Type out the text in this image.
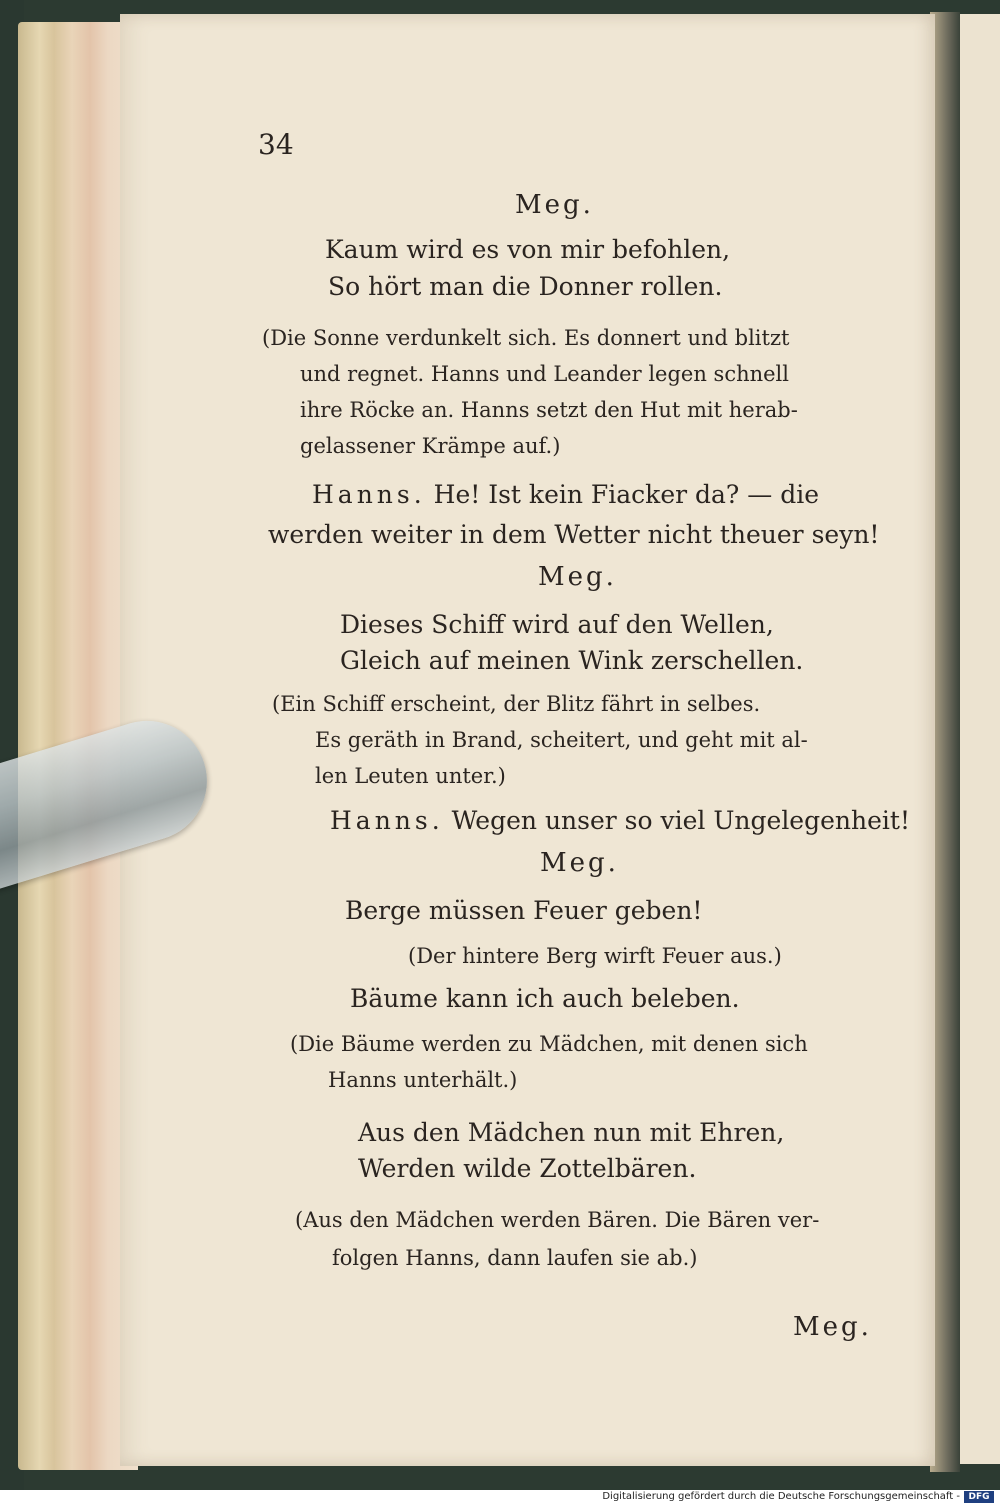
34
Meg.
Kaum wird es von mir befohlen,
So hört man die Donner rollen.
(Die Sonne verdunkelt sich. Es donnert und blitzt
und regnet. Hanns und Leander legen schnell
ihre Röcke an. Hanns setzt den Hut mit herab-
gelassener Krämpe auf.)
Hanns. He! Ist kein Fiacker da? — die
werden weiter in dem Wetter nicht theuer seyn!
Meg.
Dieses Schiff wird auf den Wellen,
Gleich auf meinen Wink zerschellen.
(Ein Schiff erscheint, der Blitz fährt in selbes.
Es geräth in Brand, scheitert, und geht mit al-
len Leuten unter.)
Hanns. Wegen unser so viel Ungelegenheit!
Meg.
Berge müssen Feuer geben!
(Der hintere Berg wirft Feuer aus.)
Bäume kann ich auch beleben.
(Die Bäume werden zu Mädchen, mit denen sich
Hanns unterhält.)
Aus den Mädchen nun mit Ehren,
Werden wilde Zottelbären.
(Aus den Mädchen werden Bären. Die Bären ver-
folgen Hanns, dann laufen sie ab.)
Meg.
Digitalisierung gefördert durch die Deutsche Forschungsgemeinschaft - DFG
